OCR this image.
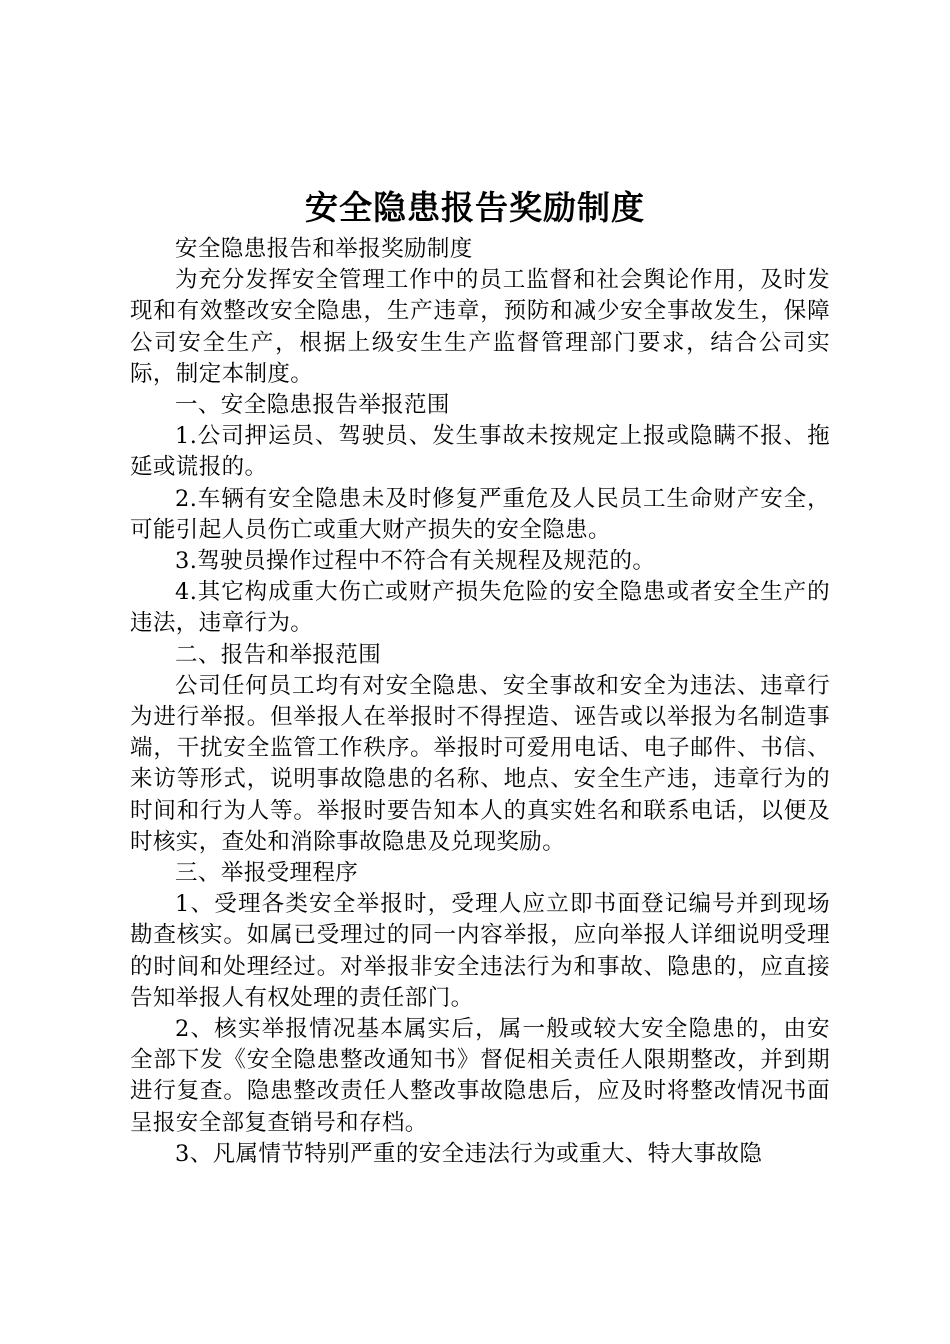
安全隐患报告奖励制度

安全隐患报告和举报奖励制度

为充分发挥安全管理工作中的员工监督和社会舆论作用，及时发现和有效整改安全隐患，生产违章，预防和减少安全事故发生，保障公司安全生产，根据上级安生生产监督管理部门要求，结合公司实际，制定本制度。

一、安全隐患报告举报范围

1.公司押运员、驾驶员、发生事故未按规定上报或隐瞒不报、拖延或谎报的。

2.车辆有安全隐患未及时修复严重危及人民员工生命财产安全，可能引起人员伤亡或重大财产损失的安全隐患。

3.驾驶员操作过程中不符合有关规程及规范的。

4.其它构成重大伤亡或财产损失危险的安全隐患或者安全生产的违法，违章行为。

二、报告和举报范围

公司任何员工均有对安全隐患、安全事故和安全为违法、违章行为进行举报。但举报人在举报时不得捏造、诬告或以举报为名制造事端，干扰安全监管工作秩序。举报时可爱用电话、电子邮件、书信、来访等形式，说明事故隐患的名称、地点、安全生产违，违章行为的时间和行为人等。举报时要告知本人的真实姓名和联系电话，以便及时核实，查处和消除事故隐患及兑现奖励。

三、举报受理程序

1、受理各类安全举报时，受理人应立即书面登记编号并到现场勘查核实。如属已受理过的同一内容举报，应向举报人详细说明受理的时间和处理经过。对举报非安全违法行为和事故、隐患的，应直接告知举报人有权处理的责任部门。

2、核实举报情况基本属实后，属一般或较大安全隐患的，由安全部下发《安全隐患整改通知书》督促相关责任人限期整改，并到期进行复查。隐患整改责任人整改事故隐患后，应及时将整改情况书面呈报安全部复查销号和存档。

3、凡属情节特别严重的安全违法行为或重大、特大事故隐
